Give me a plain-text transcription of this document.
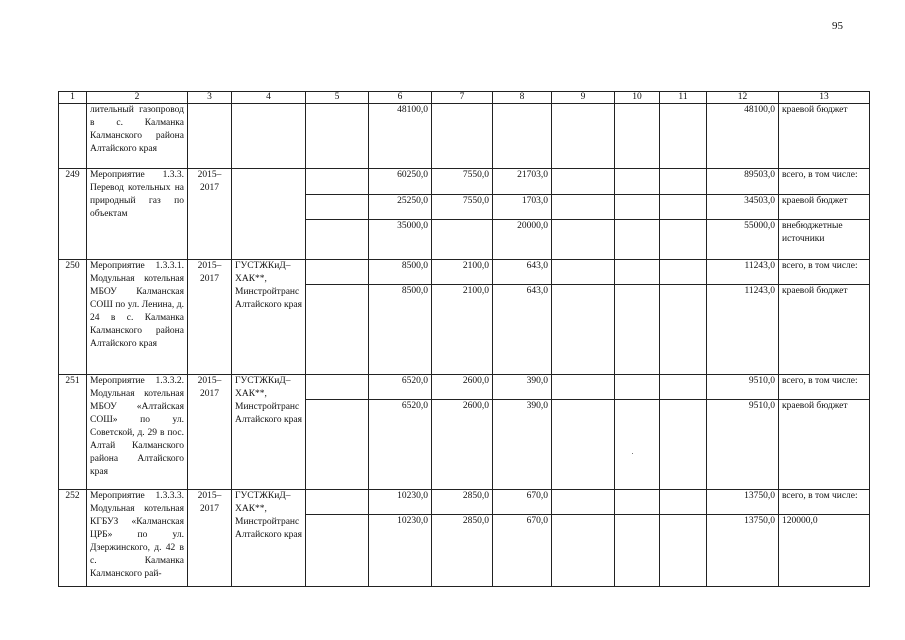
95
1	2	3	4	5	6	7	8	9	10	11	12	13
	лительный газопровод в с. Калманка Калманского района Алтайского края				48100,0						48100,0	краевой бюджет
249	Мероприятие 1.3.3. Перевод котельных на природный газ по объектам	2015–2017			60250,0	7550,0	21703,0				89503,0	всего, в том числе:
					25250,0	7550,0	1703,0				34503,0	краевой бюджет
					35000,0		20000,0				55000,0	внебюджетные источники
250	Мероприятие 1.3.3.1. Модульная котельная МБОУ Калманская СОШ по ул. Ленина, д. 24 в с. Калманка Калманского района Алтайского края	2015–2017	ГУСТЖКиД–ХАК**, Минстройтранс Алтайского края		8500,0	2100,0	643,0				11243,0	всего, в том числе:
					8500,0	2100,0	643,0				11243,0	краевой бюджет
251	Мероприятие 1.3.3.2. Модульная котельная МБОУ «Алтайская СОШ» по ул. Советской, д. 29 в пос. Алтай Калманского района Алтайского края	2015–2017	ГУСТЖКиД–ХАК**, Минстройтранс Алтайского края		6520,0	2600,0	390,0				9510,0	всего, в том числе:
					6520,0	2600,0	390,0				9510,0	краевой бюджет
252	Мероприятие 1.3.3.3. Модульная котельная КГБУЗ «Калманская ЦРБ» по ул. Дзержинского, д. 42 в с. Калманка Калманского рай-	2015–2017	ГУСТЖКиД–ХАК**, Минстройтранс Алтайского края		10230,0	2850,0	670,0				13750,0	всего, в том числе:
					10230,0	2850,0	670,0				13750,0	120000,0
